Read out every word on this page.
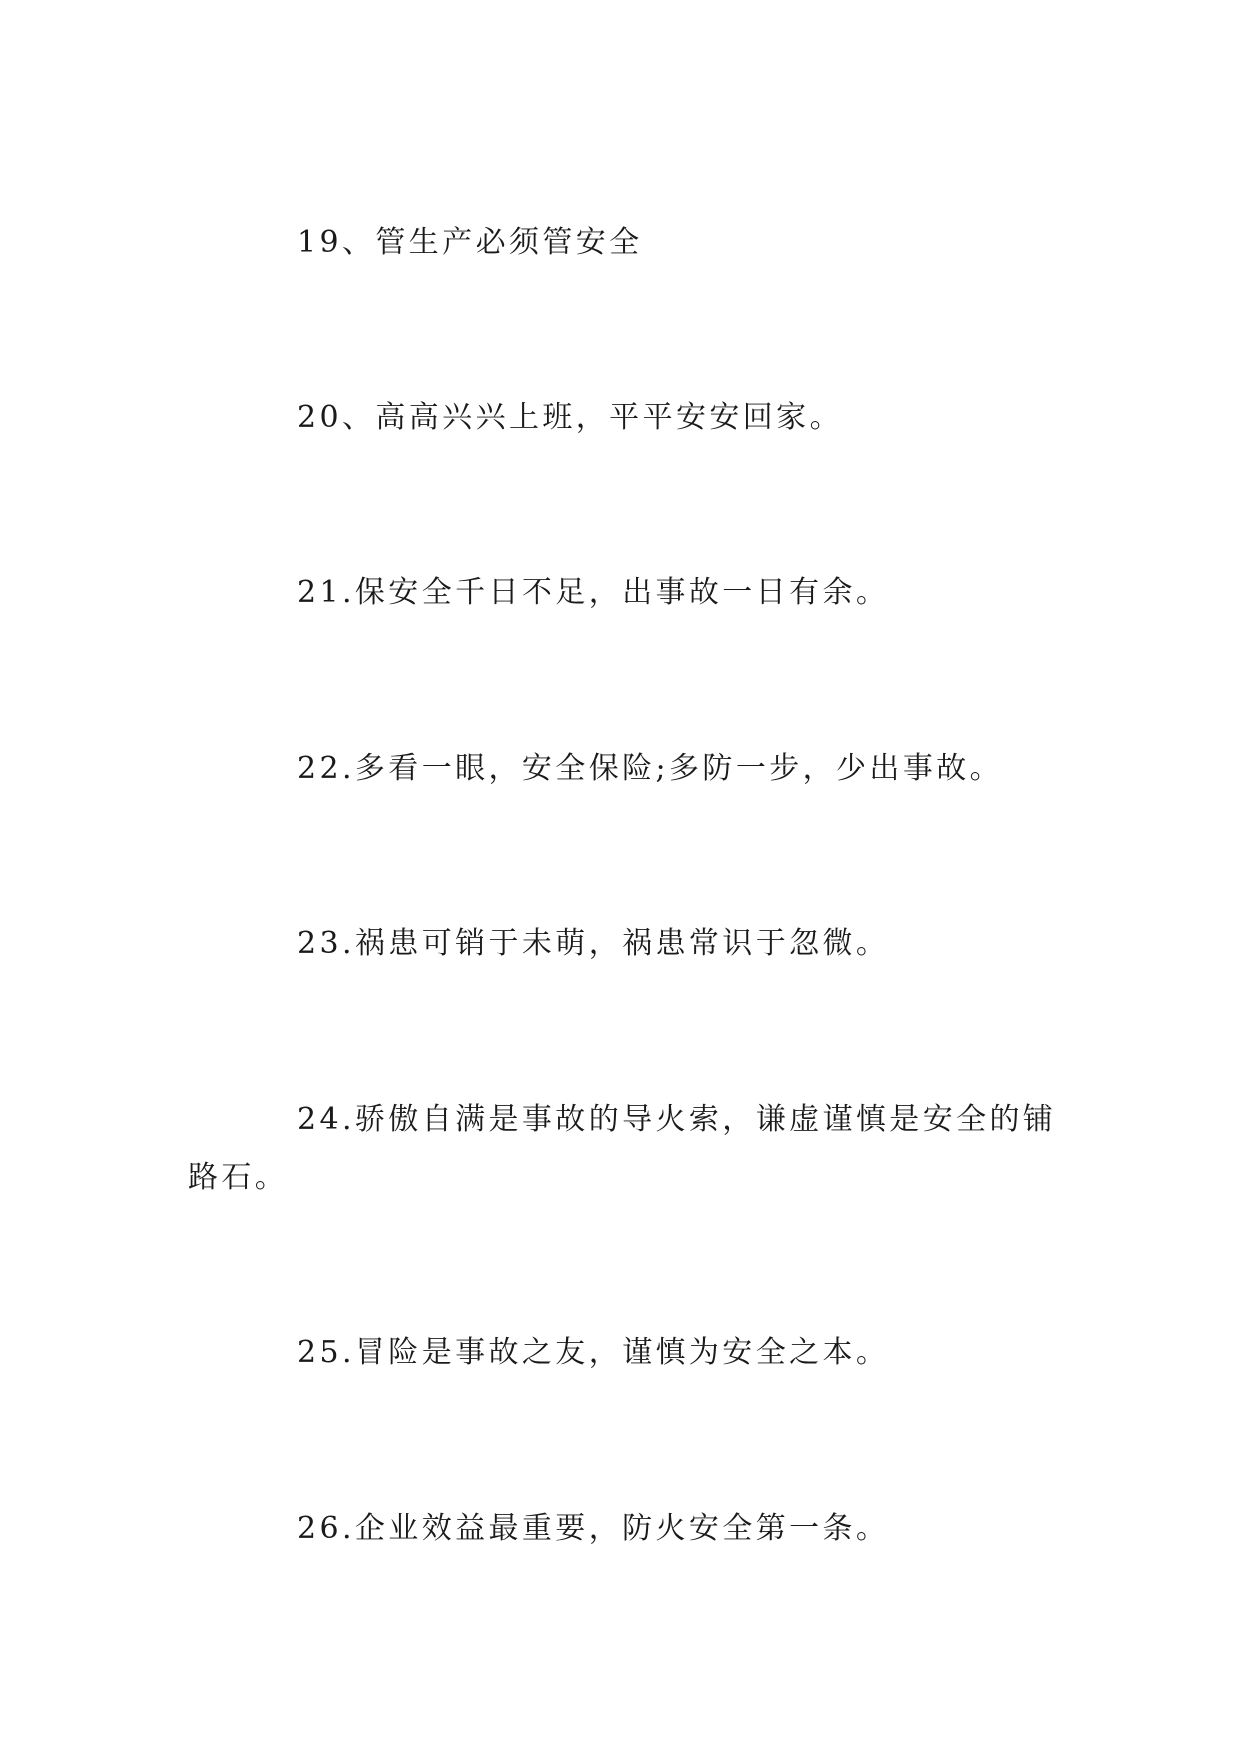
19、管生产必须管安全

20、高高兴兴上班，平平安安回家。

21.保安全千日不足，出事故一日有余。

22.多看一眼，安全保险;多防一步，少出事故。

23.祸患可销于未萌，祸患常识于忽微。

24.骄傲自满是事故的导火索，谦虚谨慎是安全的铺路石。

25.冒险是事故之友，谨慎为安全之本。

26.企业效益最重要，防火安全第一条。
